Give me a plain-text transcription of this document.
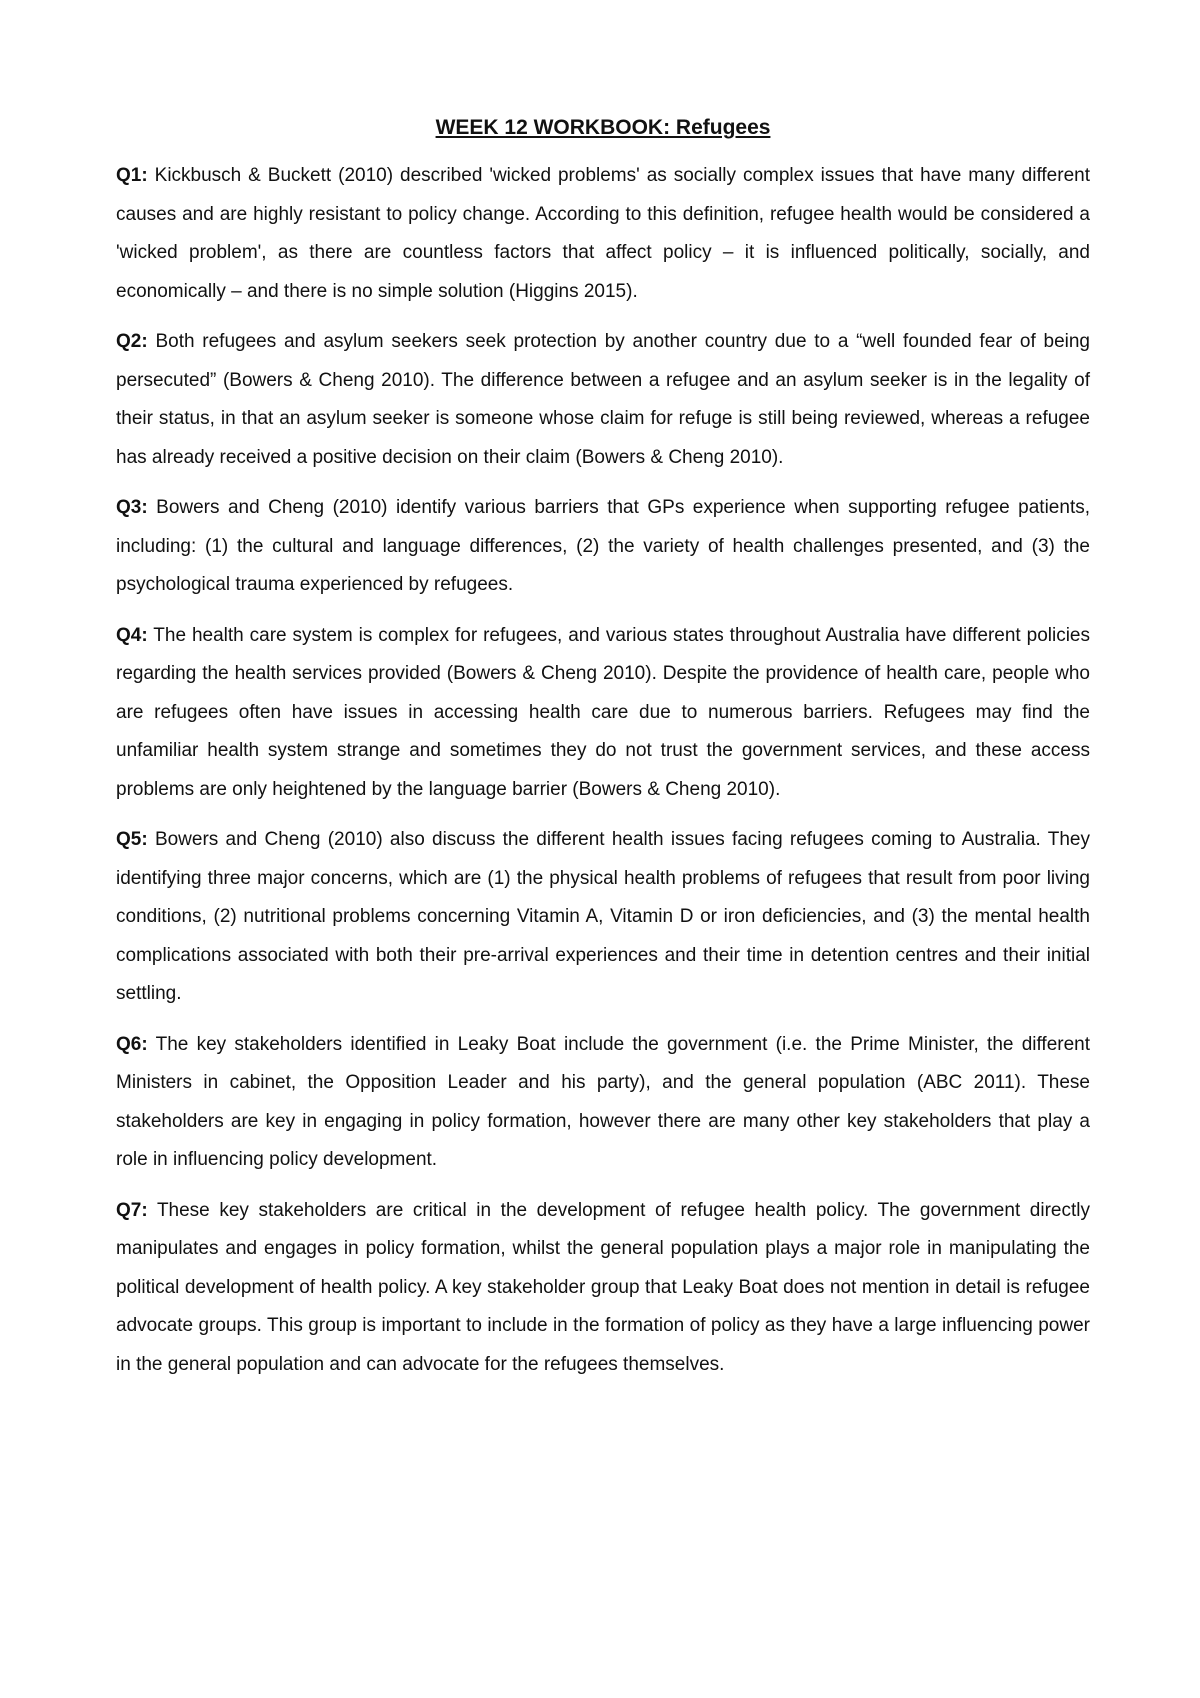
WEEK 12 WORKBOOK: Refugees

Q1: Kickbusch & Buckett (2010) described 'wicked problems' as socially complex issues that have many different causes and are highly resistant to policy change. According to this definition, refugee health would be considered a 'wicked problem', as there are countless factors that affect policy – it is influenced politically, socially, and economically – and there is no simple solution (Higgins 2015).

Q2: Both refugees and asylum seekers seek protection by another country due to a “well founded fear of being persecuted” (Bowers & Cheng 2010). The difference between a refugee and an asylum seeker is in the legality of their status, in that an asylum seeker is someone whose claim for refuge is still being reviewed, whereas a refugee has already received a positive decision on their claim (Bowers & Cheng 2010).

Q3: Bowers and Cheng (2010) identify various barriers that GPs experience when supporting refugee patients, including: (1) the cultural and language differences, (2) the variety of health challenges presented, and (3) the psychological trauma experienced by refugees.

Q4: The health care system is complex for refugees, and various states throughout Australia have different policies regarding the health services provided (Bowers & Cheng 2010). Despite the providence of health care, people who are refugees often have issues in accessing health care due to numerous barriers. Refugees may find the unfamiliar health system strange and sometimes they do not trust the government services, and these access problems are only heightened by the language barrier (Bowers & Cheng 2010).

Q5: Bowers and Cheng (2010) also discuss the different health issues facing refugees coming to Australia. They identifying three major concerns, which are (1) the physical health problems of refugees that result from poor living conditions, (2) nutritional problems concerning Vitamin A, Vitamin D or iron deficiencies, and (3) the mental health complications associated with both their pre-arrival experiences and their time in detention centres and their initial settling.

Q6: The key stakeholders identified in Leaky Boat include the government (i.e. the Prime Minister, the different Ministers in cabinet, the Opposition Leader and his party), and the general population (ABC 2011). These stakeholders are key in engaging in policy formation, however there are many other key stakeholders that play a role in influencing policy development.

Q7: These key stakeholders are critical in the development of refugee health policy. The government directly manipulates and engages in policy formation, whilst the general population plays a major role in manipulating the political development of health policy. A key stakeholder group that Leaky Boat does not mention in detail is refugee advocate groups. This group is important to include in the formation of policy as they have a large influencing power in the general population and can advocate for the refugees themselves.
